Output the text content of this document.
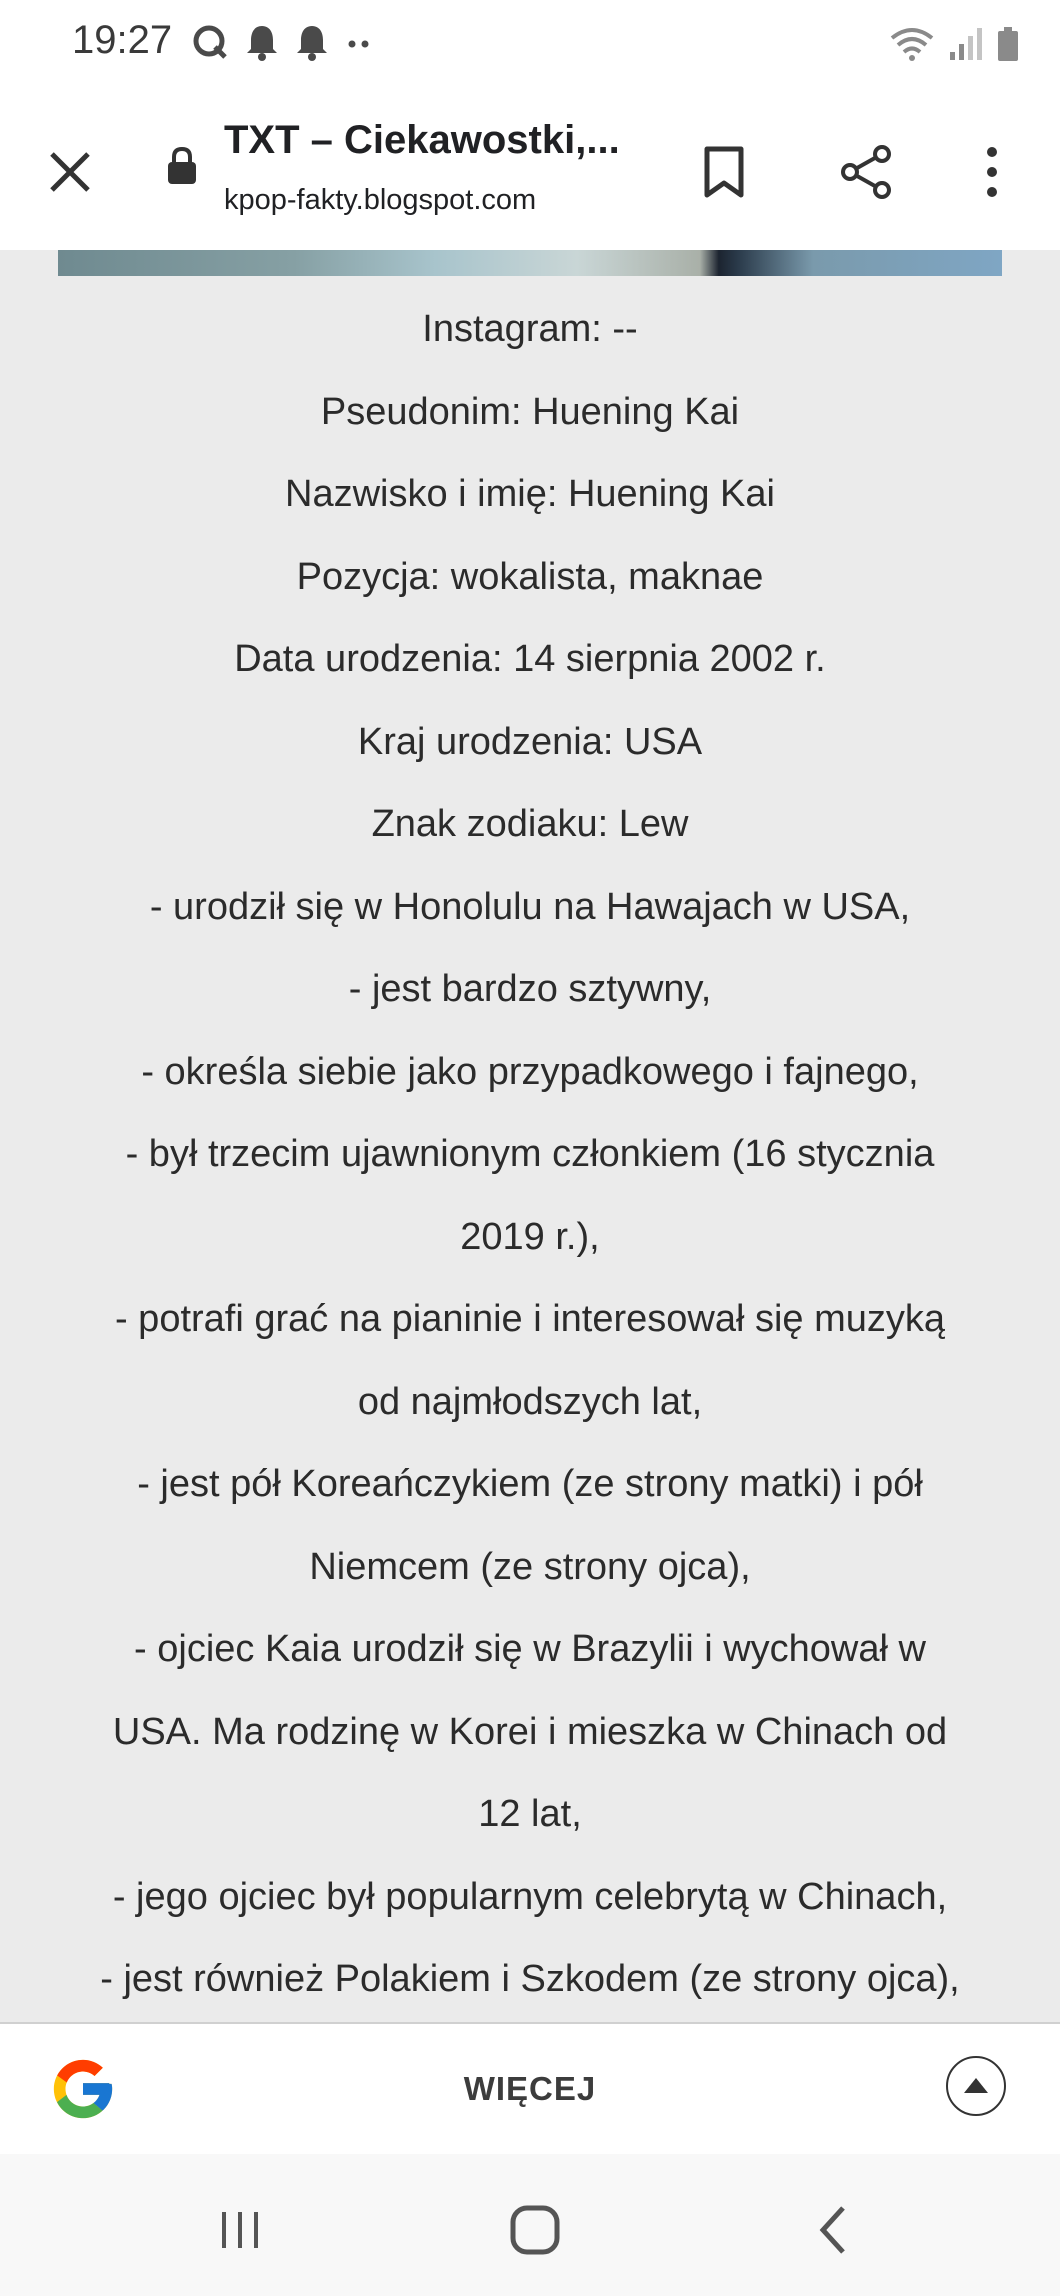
19:27
TXT – Ciekawostki,...
kpop-fakty.blogspot.com
Instagram: --
Pseudonim: Huening Kai
Nazwisko i imię: Huening Kai
Pozycja: wokalista, maknae
Data urodzenia: 14 sierpnia 2002 r.
Kraj urodzenia: USA
Znak zodiaku: Lew
- urodził się w Honolulu na Hawajach w USA,
- jest bardzo sztywny,
- określa siebie jako przypadkowego i fajnego,
- był trzecim ujawnionym członkiem (16 stycznia
2019 r.),
- potrafi grać na pianinie i interesował się muzyką
od najmłodszych lat,
- jest pół Koreańczykiem (ze strony matki) i pół
Niemcem (ze strony ojca),
- ojciec Kaia urodził się w Brazylii i wychował w
USA. Ma rodzinę w Korei i mieszka w Chinach od
12 lat,
- jego ojciec był popularnym celebrytą w Chinach,
- jest również Polakiem i Szkodem (ze strony ojca),
WIĘCEJ
